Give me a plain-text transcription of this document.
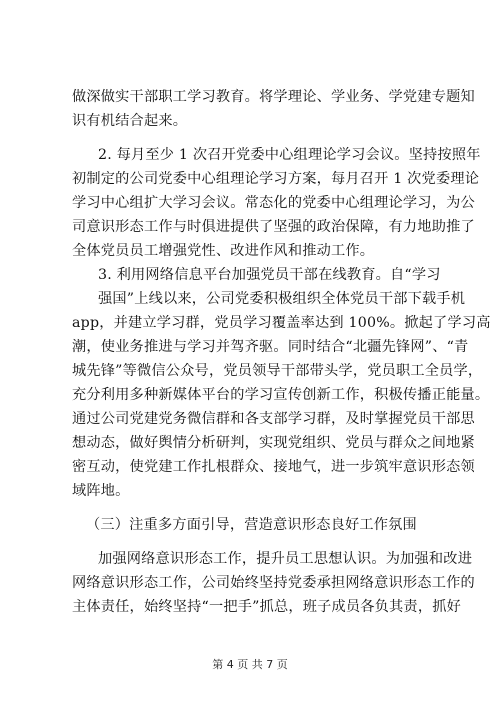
做深做实干部职工学习教育。将学理论、学业务、学党建专题知
识有机结合起来。
2. 每月至少 1 次召开党委中心组理论学习会议。坚持按照年
初制定的公司党委中心组理论学习方案，每月召开 1 次党委理论
学习中心组扩大学习会议。常态化的党委中心组理论学习，为公
司意识形态工作与时俱进提供了坚强的政治保障，有力地助推了
全体党员员工增强党性、改进作风和推动工作。
3. 利用网络信息平台加强党员干部在线教育。自“学习
强国”上线以来，公司党委积极组织全体党员干部下载手机
app，并建立学习群，党员学习覆盖率达到 100%。掀起了学习高
潮，使业务推进与学习并驾齐驱。同时结合“北疆先锋网”、“青
城先锋”等微信公众号，党员领导干部带头学，党员职工全员学，
充分利用多种新媒体平台的学习宣传创新工作，积极传播正能量。
通过公司党建党务微信群和各支部学习群，及时掌握党员干部思
想动态，做好舆情分析研判，实现党组织、党员与群众之间地紧
密互动，使党建工作扎根群众、接地气，进一步筑牢意识形态领
域阵地。
（三）注重多方面引导，营造意识形态良好工作氛围
加强网络意识形态工作，提升员工思想认识。为加强和改进
网络意识形态工作，公司始终坚持党委承担网络意识形态工作的
主体责任，始终坚持“一把手”抓总，班子成员各负其责，抓好
第 4 页 共 7 页
